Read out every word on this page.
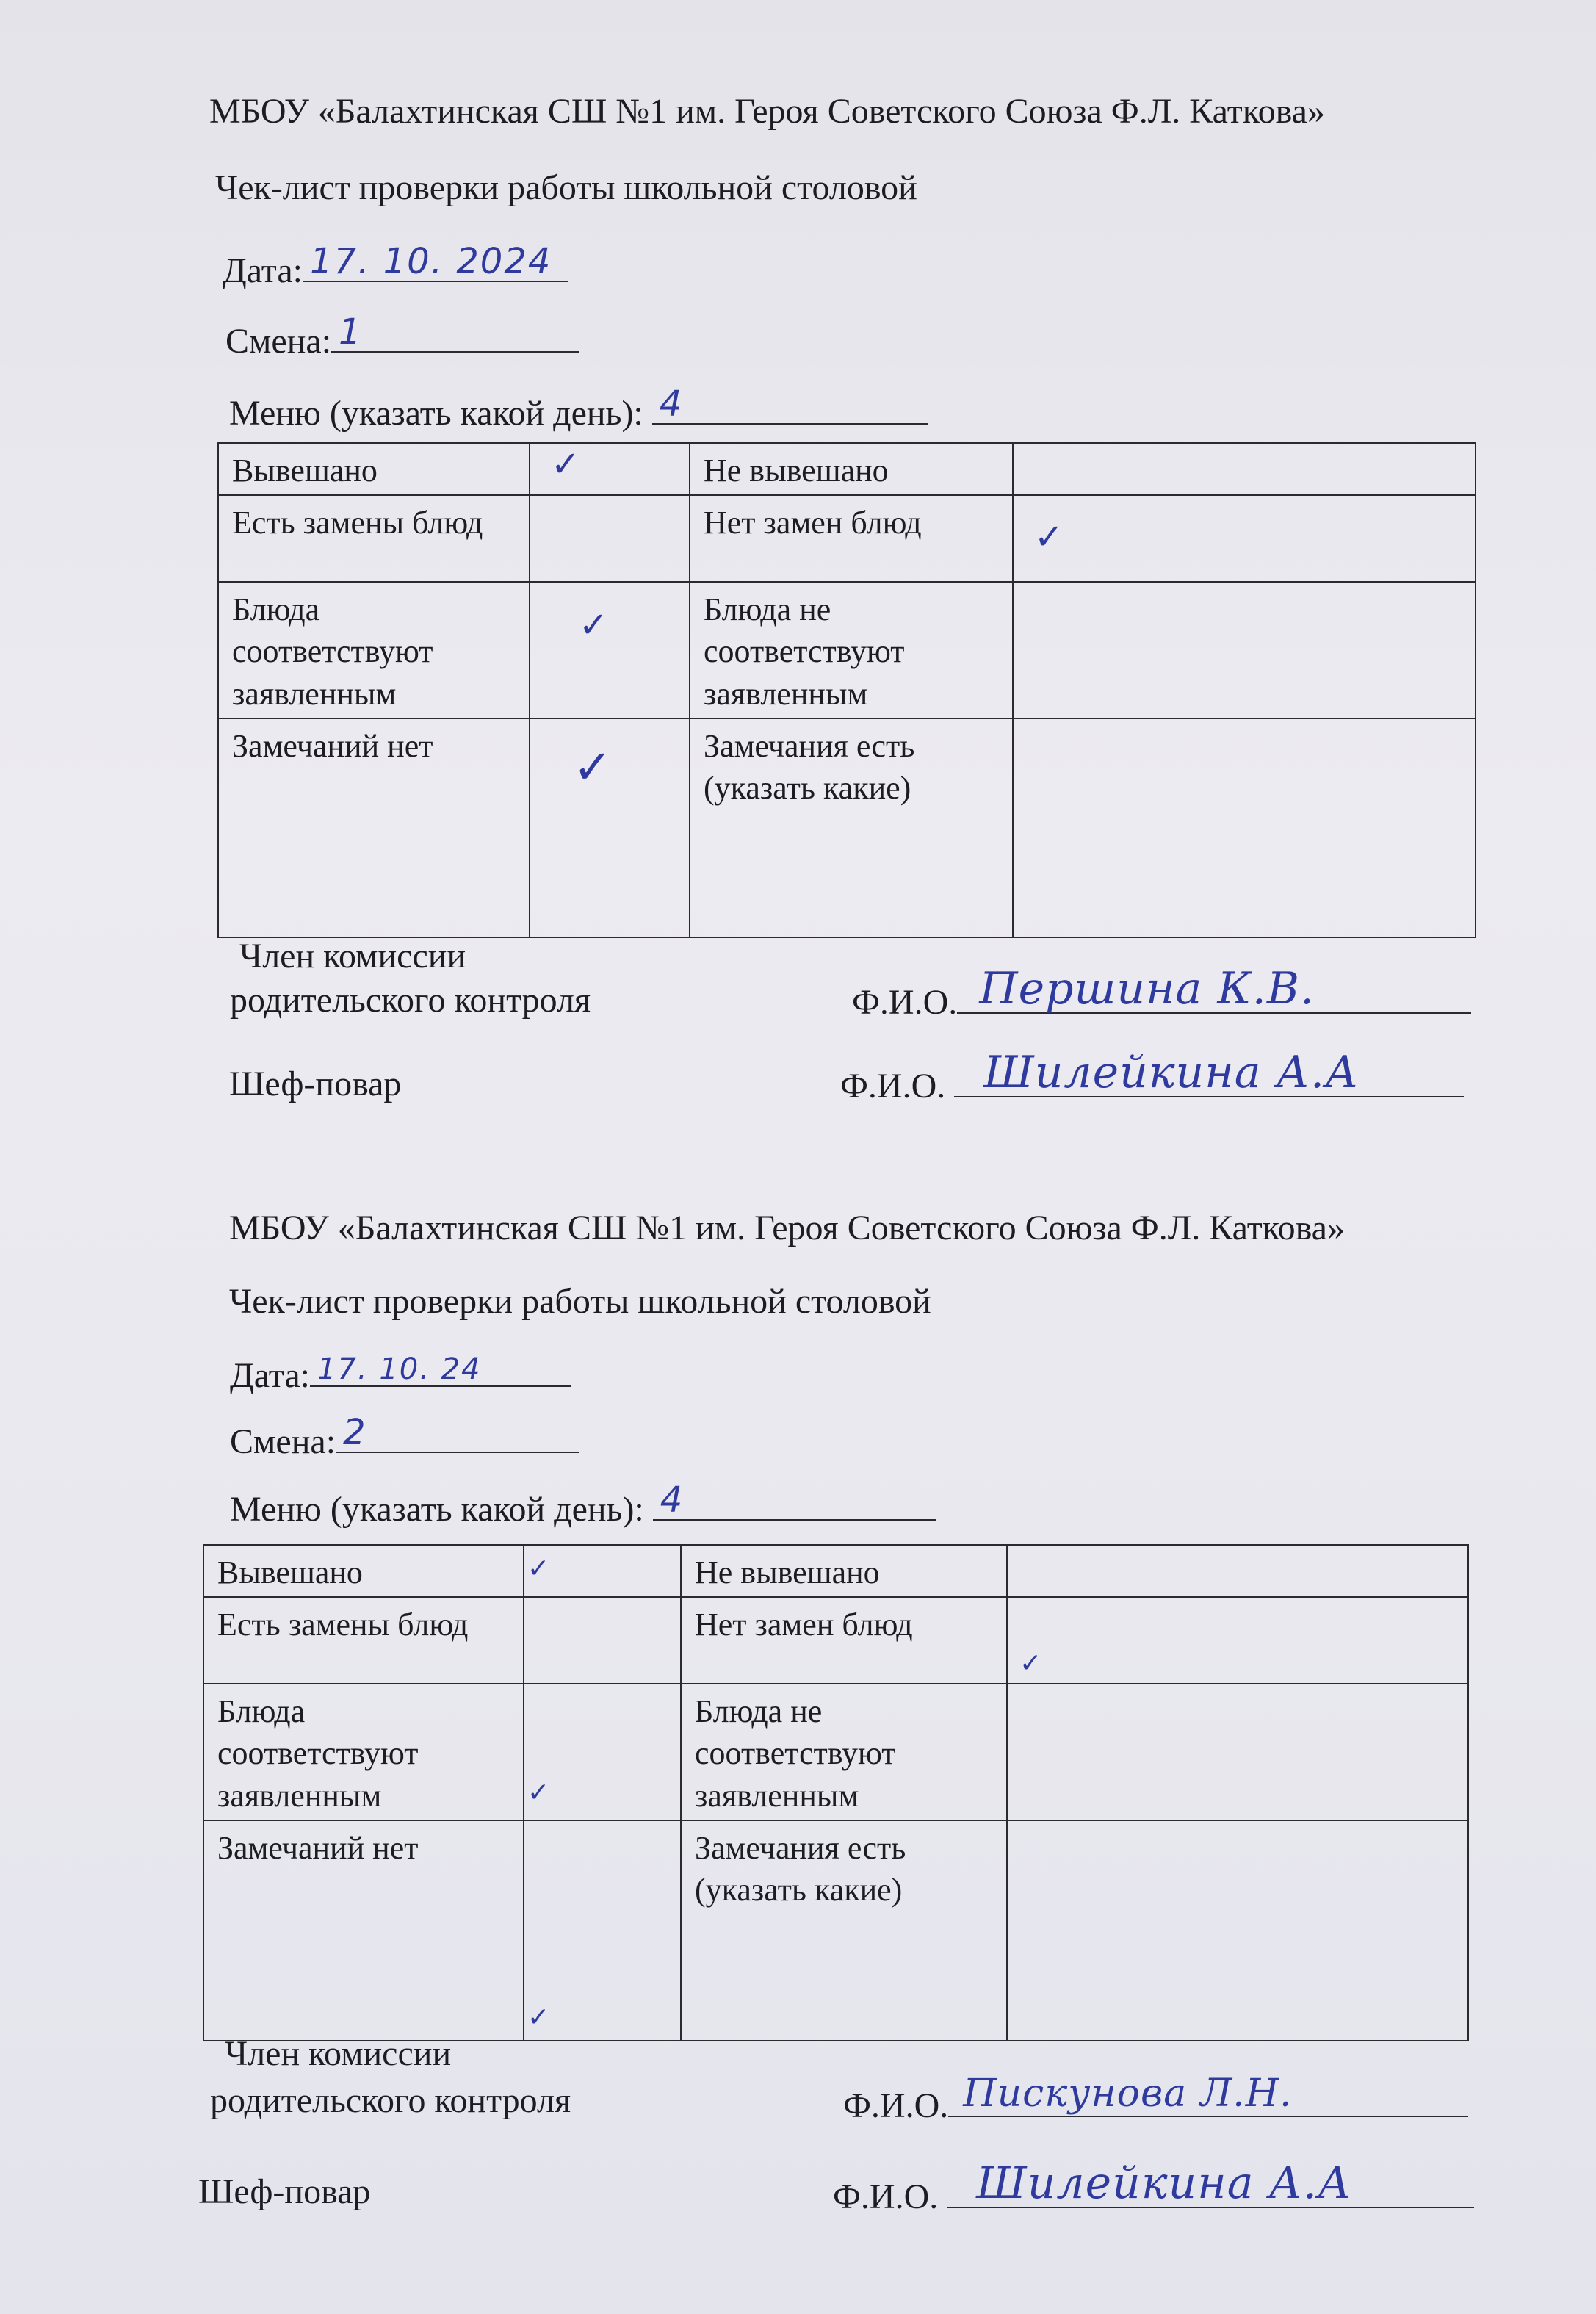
МБОУ «Балахтинская СШ №1 им. Героя Советского Союза Ф.Л. Каткова»
Чек-лист проверки работы школьной столовой
Дата: 17. 10. 2024
Смена: 1
Меню (указать какой день): 4
Вывешано	✓	Не вывешано	

Есть замены блюд		Нет замен блюд	✓

Блюда соответствуют заявленным	✓	Блюда не соответствуют заявленным	

Замечаний нет	✓	Замечания есть (указать какие)	
Член комиссии
родительского контроля	Ф.И.О. Першина К.В.
Шеф-повар	Ф.И.О. Шилейкина А.А
МБОУ «Балахтинская СШ №1 им. Героя Советского Союза Ф.Л. Каткова»
Чек-лист проверки работы школьной столовой
Дата: 17. 10. 24
Смена: 2
Меню (указать какой день): 4
Вывешано	✓	Не вывешано	

Есть замены блюд		Нет замен блюд	✓

Блюда соответствуют заявленным	✓	Блюда не соответствуют заявленным	

Замечаний нет	✓	Замечания есть (указать какие)	
Член комиссии
родительского контроля	Ф.И.О. Пискунова Л.Н.
Шеф-повар	Ф.И.О. Шилейкина А.А
